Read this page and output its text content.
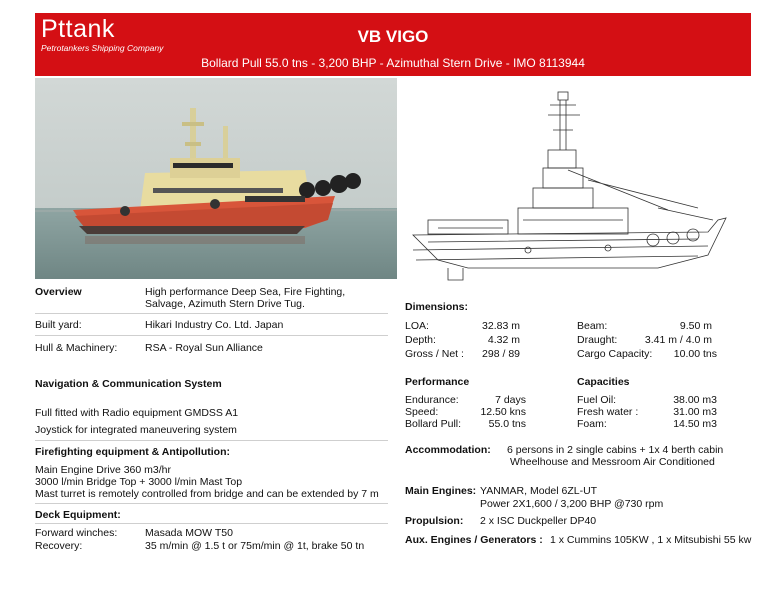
Pttank
Petrotankers Shipping Company
VB VIGO
Bollard Pull 55.0 tns - 3,200 BHP - Azimuthal Stern Drive - IMO 8113944
Overview	High performance Deep Sea, Fire Fighting,
Salvage, Azimuth Stern Drive Tug.
Built yard:	Hikari Industry Co. Ltd. Japan
Hull & Machinery:	RSA - Royal Sun Alliance
Navigation & Communication System
Full fitted with Radio equipment GMDSS A1
Joystick for integrated maneuvering system
Firefighting equipment & Antipollution:
Main Engine Drive 360 m3/hr
3000 l/min Bridge Top + 3000 l/min Mast Top
Mast turret is remotely controlled from bridge and can be extended by 7 m
Deck Equipment:
Forward winches:	Masada MOW T50
Recovery:	35 m/min @ 1.5 t or 75m/min @ 1t, brake 50 tn
Dimensions:
LOA:	32.83 m
Depth:	4.32 m
Gross / Net :	298 / 89
Beam:	9.50 m
Draught:	3.41 m / 4.0 m
Cargo Capacity:	10.00 tns
Performance
Endurance:	7 days
Speed:	12.50 kns
Bollard Pull:	55.0 tns
Capacities
Fuel Oil:	38.00 m3
Fresh water :	31.00 m3
Foam:	14.50 m3
Accommodation: 6 persons in 2 single cabins + 1x 4 berth cabin
Wheelhouse and Messroom Air Conditioned
Main Engines: YANMAR, Model 6ZL-UT
Power 2X1,600 / 3,200 BHP @730 rpm
Propulsion: 2 x ISC Duckpeller DP40
Aux. Engines / Generators : 1 x Cummins 105KW , 1 x Mitsubishi 55 kw
